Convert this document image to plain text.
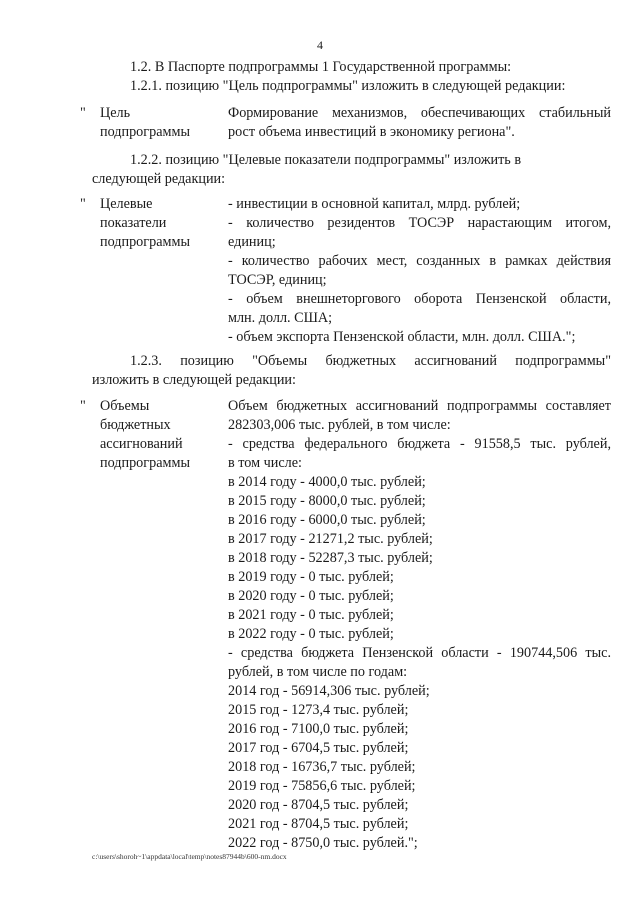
4
1.2. В Паспорте подпрограммы 1 Государственной программы:
1.2.1. позицию "Цель подпрограммы" изложить в следующей редакции:
" Цель
подпрограммы
Формирование механизмов, обеспечивающих стабильный
рост объема инвестиций в экономику региона".
1.2.2. позицию "Целевые показатели подпрограммы" изложить в
следующей редакции:
" Целевые
показатели
подпрограммы
- инвестиции в основной капитал, млрд. рублей;
- количество резидентов ТОСЭР нарастающим итогом,
единиц;
- количество рабочих мест, созданных в рамках действия
ТОСЭР, единиц;
- объем внешнеторгового оборота Пензенской области,
млн. долл. США;
- объем экспорта Пензенской области, млн. долл. США.";
1.2.3. позицию "Объемы бюджетных ассигнований подпрограммы"
изложить в следующей редакции:
" Объемы
бюджетных
ассигнований
подпрограммы
Объем бюджетных ассигнований подпрограммы составляет
282303,006 тыс. рублей, в том числе:
- средства федерального бюджета - 91558,5 тыс. рублей,
в том числе:
в 2014 году - 4000,0 тыс. рублей;
в 2015 году - 8000,0 тыс. рублей;
в 2016 году - 6000,0 тыс. рублей;
в 2017 году - 21271,2 тыс. рублей;
в 2018 году - 52287,3 тыс. рублей;
в 2019 году - 0 тыс. рублей;
в 2020 году - 0 тыс. рублей;
в 2021 году - 0 тыс. рублей;
в 2022 году - 0 тыс. рублей;
- средства бюджета Пензенской области - 190744,506 тыс.
рублей, в том числе по годам:
2014 год - 56914,306 тыс. рублей;
2015 год - 1273,4 тыс. рублей;
2016 год - 7100,0 тыс. рублей;
2017 год - 6704,5 тыс. рублей;
2018 год - 16736,7 тыс. рублей;
2019 год - 75856,6 тыс. рублей;
2020 год - 8704,5 тыс. рублей;
2021 год - 8704,5 тыс. рублей;
2022 год - 8750,0 тыс. рублей.";
c:\users\shoroh~1\appdata\local\temp\notes87944b\600-nm.docx
